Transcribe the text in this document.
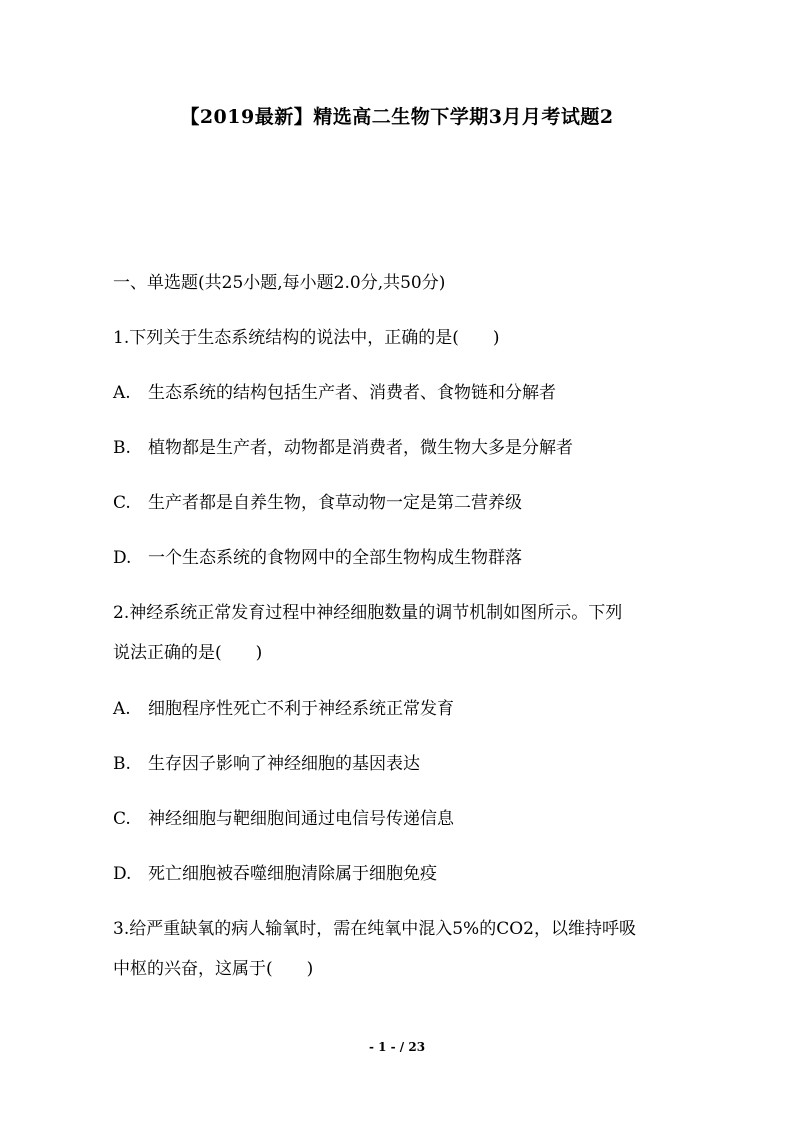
【2019最新】精选高二生物下学期3月月考试题2
一、单选题(共25小题,每小题2.0分,共50分)
1.下列关于生态系统结构的说法中，正确的是(　　)
A. 生态系统的结构包括生产者、消费者、食物链和分解者
B. 植物都是生产者，动物都是消费者，微生物大多是分解者
C. 生产者都是自养生物，食草动物一定是第二营养级
D. 一个生态系统的食物网中的全部生物构成生物群落
2.神经系统正常发育过程中神经细胞数量的调节机制如图所示。下列
说法正确的是(　　)
A. 细胞程序性死亡不利于神经系统正常发育
B. 生存因子影响了神经细胞的基因表达
C. 神经细胞与靶细胞间通过电信号传递信息
D. 死亡细胞被吞噬细胞清除属于细胞免疫
3.给严重缺氧的病人输氧时，需在纯氧中混入5%的CO2，以维持呼吸
中枢的兴奋，这属于(　　)
- 1 - / 23
